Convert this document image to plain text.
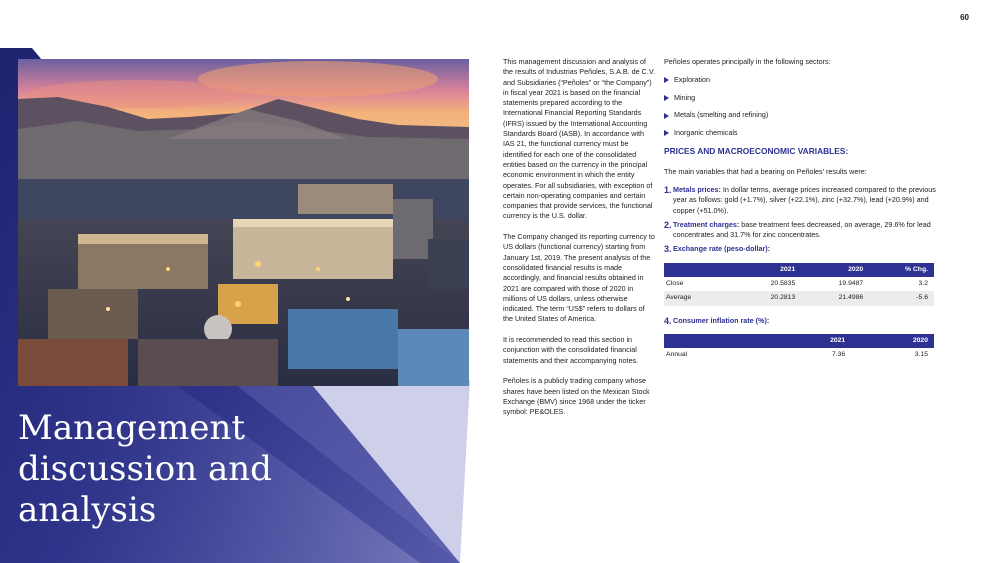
60
Management discussion and analysis

This management discussion and analysis of the results of Industrias Peñoles, S.A.B. de C.V. and Subsidiaries (“Peñoles” or “the Company”) in fiscal year 2021 is based on the financial statements prepared according to the International Financial Reporting Standards (IFRS) issued by the International Accounting Standards Board (IASB). In accordance with IAS 21, the functional currency must be identified for each one of the consolidated entities based on the currency in the principal economic environment in which the entity operates. For all subsidiaries, with exception of certain non-operating companies and certain companies that provide services, the functional currency is the U.S. dollar.

The Company changed its reporting currency to US dollars (functional currency) starting from January 1st, 2019. The present analysis of the consolidated financial results is made accordingly, and financial results obtained in 2021 are compared with those of 2020 in millions of US dollars, unless otherwise indicated. The term “US$” refers to dollars of the United States of America.

It is recommended to read this section in conjunction with the consolidated financial statements and their accompanying notes.

Peñoles is a publicly trading company whose shares have been listed on the Mexican Stock Exchange (BMV) since 1968 under the ticker symbol: PE&OLES.

Peñoles operates principally in the following sectors:

Exploration
Mining
Metals (smelting and refining)
Inorganic chemicals
PRICES AND MACROECONOMIC VARIABLES:

The main variables that had a bearing on Peñoles' results were:

1. Metals prices: In dollar terms, average prices increased compared to the previous year as follows: gold (+1.7%), silver (+22.1%), zinc (+32.7%), lead (+20.9%) and copper (+51.0%).
2. Treatment charges: base treatment fees decreased, on average, 29.6% for lead concentrates and 31.7% for zinc concentrates.
3. Exchange rate (peso-dollar):
	2021	2020	% Chg.
Close	20.5835	19.9487	3.2
Average	20.2813	21.4986	-5.6
4. Consumer inflation rate (%):
	2021	2020
Annual	7.36	3.15
